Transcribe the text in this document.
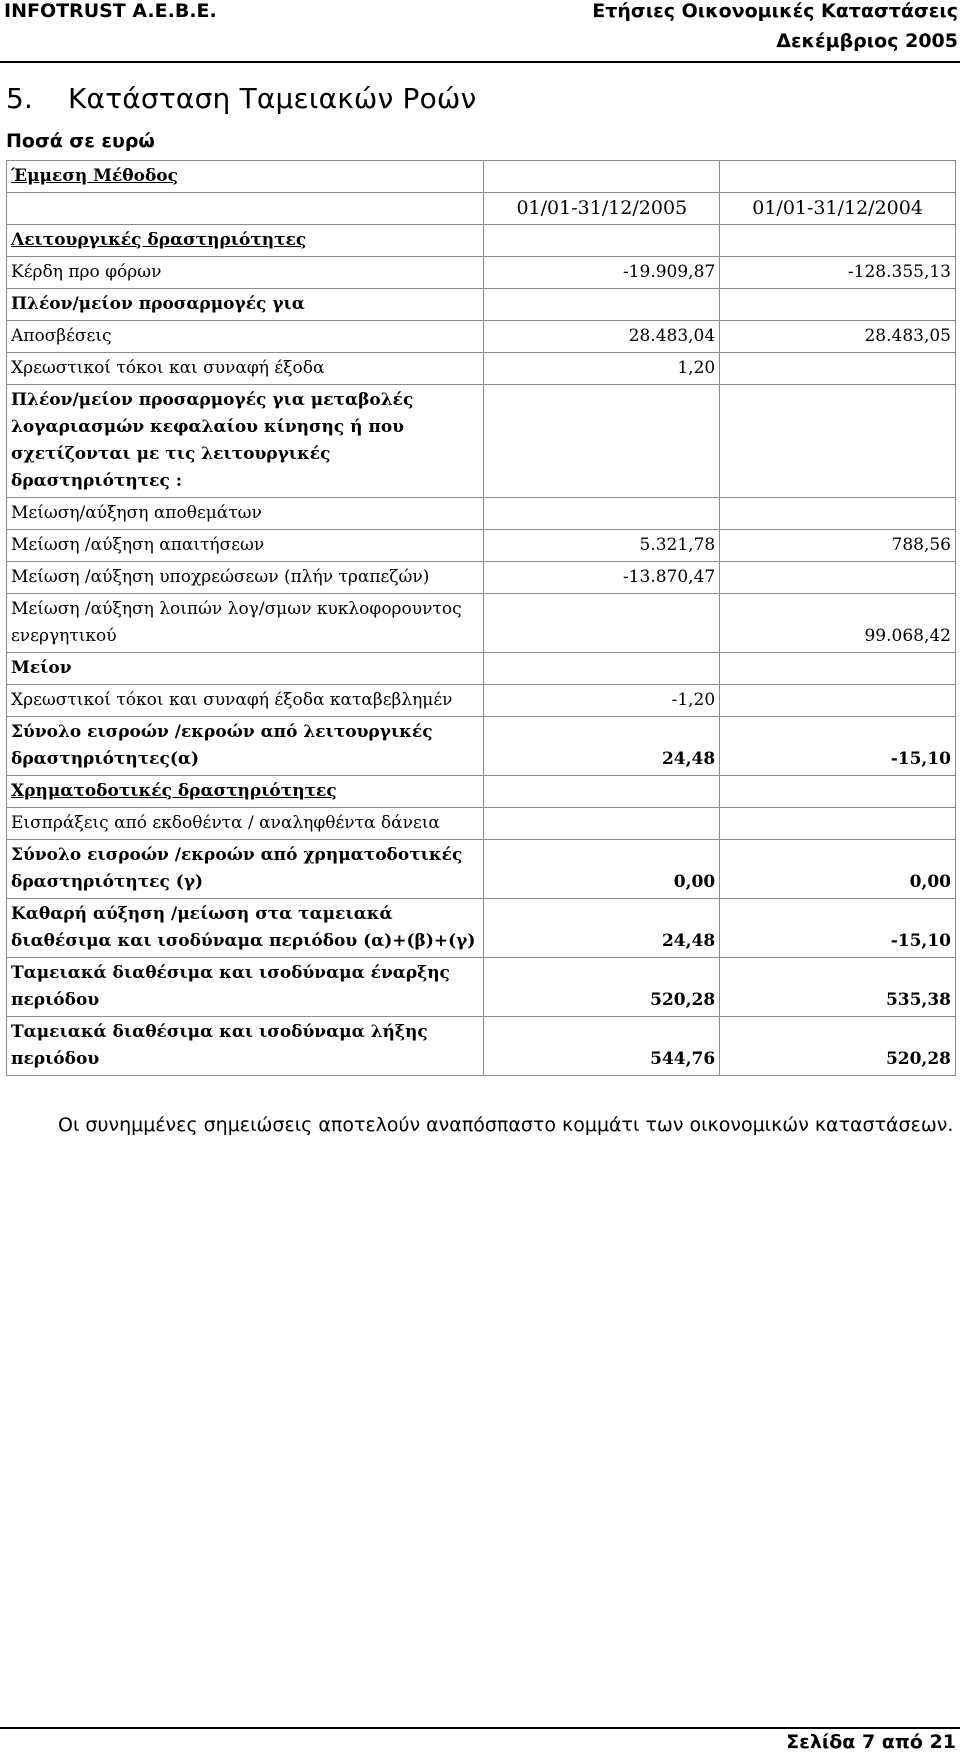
INFOTRUST A.E.B.E.	Ετήσιες Οικονομικές Καταστάσεις
Δεκέμβριος 2005
5. Κατάσταση Ταμειακών Ροών
Ποσά σε ευρώ
Έμμεση Μέθοδος		
	01/01-31/12/2005	01/01-31/12/2004
Λειτουργικές δραστηριότητες		
Κέρδη προ φόρων	-19.909,87	-128.355,13
Πλέον/μείον προσαρμογές για		
Αποσβέσεις	28.483,04	28.483,05
Χρεωστικοί τόκοι και συναφή έξοδα	1,20	
Πλέον/μείον προσαρμογές για μεταβολές λογαριασμών κεφαλαίου κίνησης ή που σχετίζονται με τις λειτουργικές δραστηριότητες :		
Μείωση/αύξηση αποθεμάτων		
Μείωση /αύξηση απαιτήσεων	5.321,78	788,56
Μείωση /αύξηση υποχρεώσεων (πλήν τραπεζών)	-13.870,47	
Μείωση /αύξηση λοιπών λογ/σμων κυκλοφορουντος ενεργητικού		99.068,42
Μείον		
Χρεωστικοί τόκοι και συναφή έξοδα καταβεβλημέν	-1,20	
Σύνολο εισροών /εκροών από λειτουργικές δραστηριότητες(α)	24,48	-15,10
Χρηματοδοτικές δραστηριότητες		
Εισπράξεις από εκδοθέντα / αναληφθέντα δάνεια		
Σύνολο εισροών /εκροών από χρηματοδοτικές δραστηριότητες (γ)	0,00	0,00
Καθαρή αύξηση /μείωση στα ταμειακά διαθέσιμα και ισοδύναμα περιόδου (α)+(β)+(γ)	24,48	-15,10
Ταμειακά διαθέσιμα και ισοδύναμα έναρξης περιόδου	520,28	535,38
Ταμειακά διαθέσιμα και ισοδύναμα λήξης περιόδου	544,76	520,28
Οι συνημμένες σημειώσεις αποτελούν αναπόσπαστο κομμάτι των οικονομικών καταστάσεων.
Σελίδα 7 από 21
